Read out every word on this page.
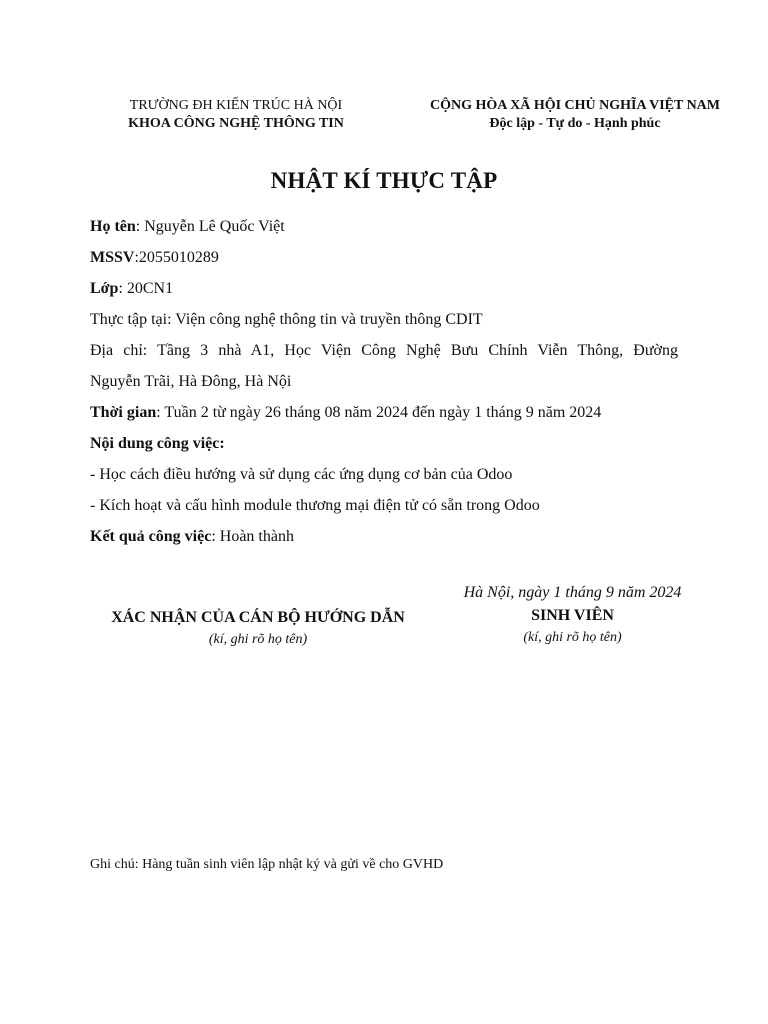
TRƯỜNG ĐH KIẾN TRÚC HÀ NỘI
KHOA CÔNG NGHỆ THÔNG TIN
CỘNG HÒA XÃ HỘI CHỦ NGHĨA VIỆT NAM
Độc lập - Tự do - Hạnh phúc
NHẬT KÍ THỰC TẬP
Họ tên: Nguyễn Lê Quốc Việt
MSSV:2055010289
Lớp: 20CN1
Thực tập tại: Viện công nghệ thông tin và truyền thông CDIT
Địa chỉ: Tầng 3 nhà A1, Học Viện Công Nghệ Bưu Chính Viễn Thông, Đường
Nguyễn Trãi, Hà Đông, Hà Nội
Thời gian: Tuần 2 từ ngày 26 tháng 08 năm 2024 đến ngày 1 tháng 9 năm 2024
Nội dung công việc:
- Học cách điều hướng và sử dụng các ứng dụng cơ bản của Odoo
- Kích hoạt và cấu hình module thương mại điện tử có sẵn trong Odoo
Kết quả công việc: Hoàn thành
XÁC NHẬN CỦA CÁN BỘ HƯỚNG DẪN
(kí, ghi rõ họ tên)
Hà Nội, ngày 1 tháng 9 năm 2024
SINH VIÊN
(kí, ghi rõ họ tên)
Ghi chú: Hàng tuần sinh viên lập nhật ký và gửi về cho GVHD
